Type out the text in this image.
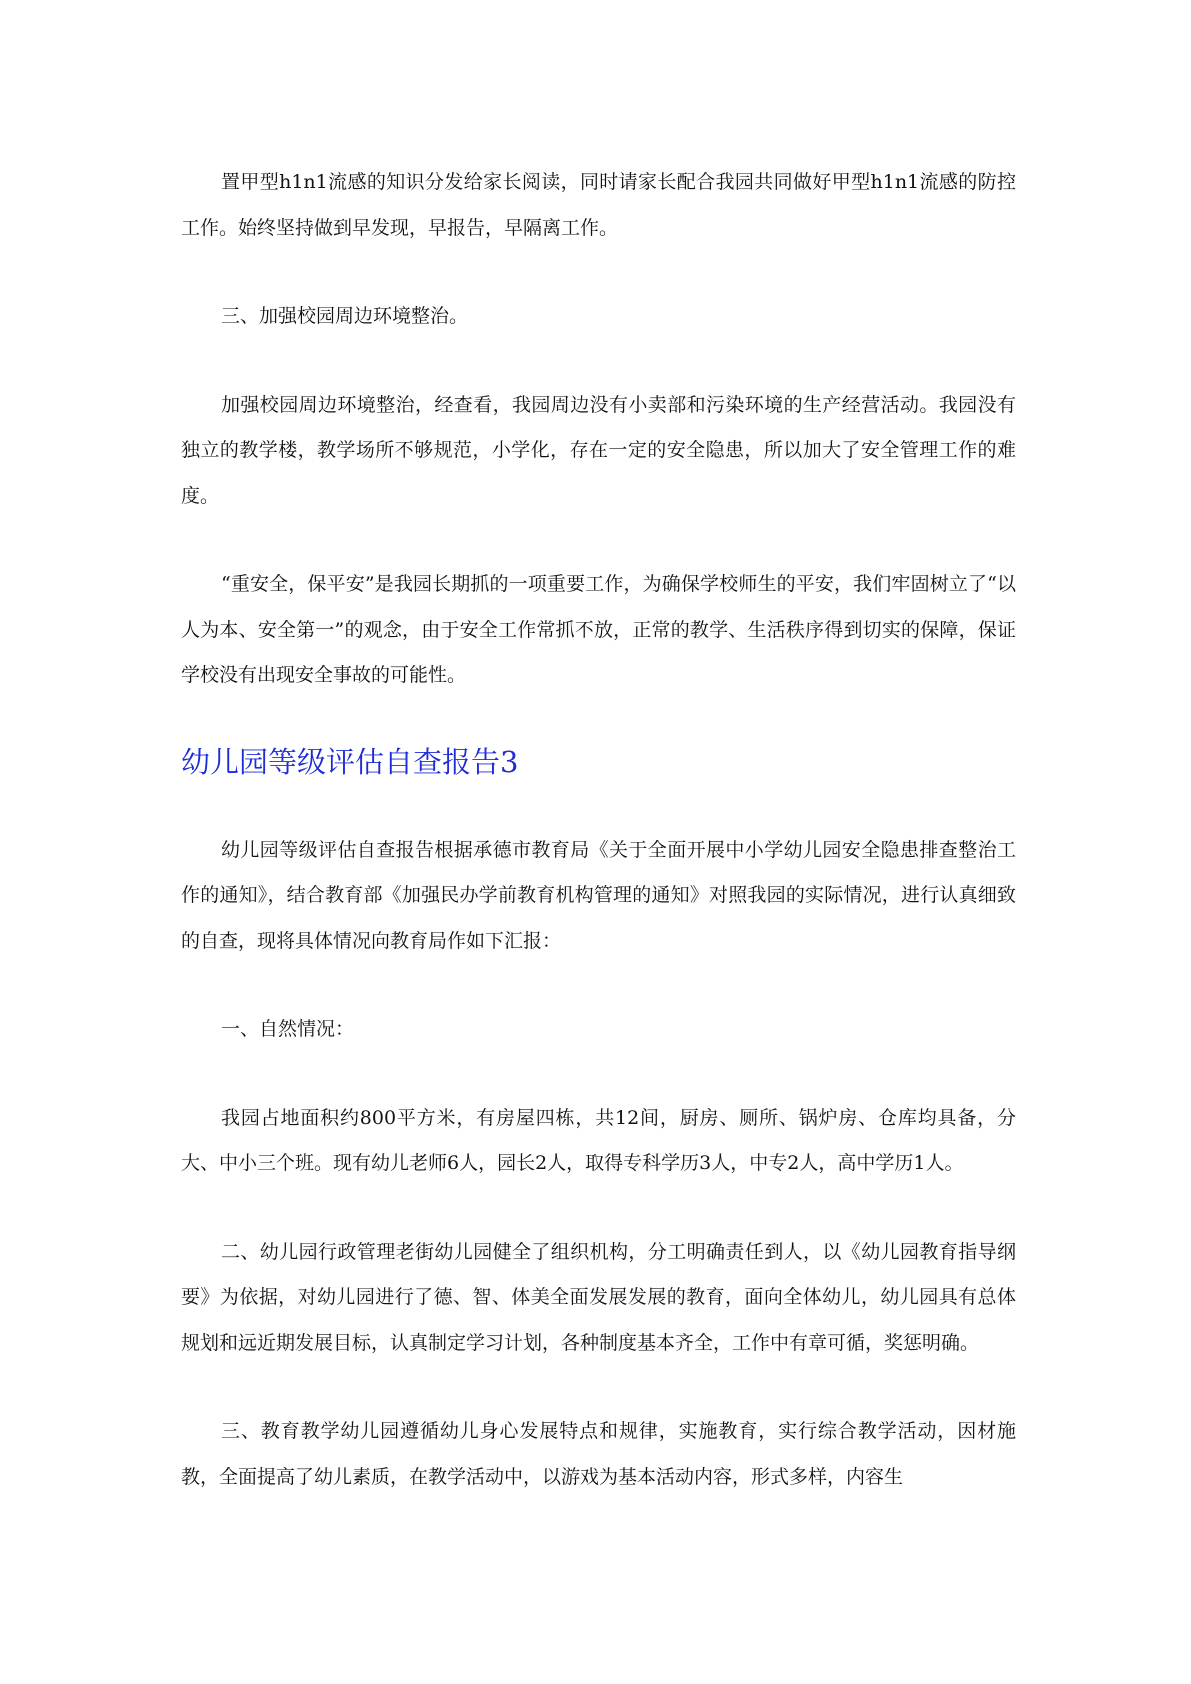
置甲型h1n1流感的知识分发给家长阅读，同时请家长配合我园共同做好甲型h1n1流感的防控工作。始终坚持做到早发现，早报告，早隔离工作。

三、加强校园周边环境整治。

加强校园周边环境整治，经查看，我园周边没有小卖部和污染环境的生产经营活动。我园没有独立的教学楼，教学场所不够规范，小学化，存在一定的安全隐患，所以加大了安全管理工作的难度。

“重安全，保平安”是我园长期抓的一项重要工作，为确保学校师生的平安，我们牢固树立了“以人为本、安全第一”的观念，由于安全工作常抓不放，正常的教学、生活秩序得到切实的保障，保证学校没有出现安全事故的可能性。

幼儿园等级评估自查报告3

幼儿园等级评估自查报告根据承德市教育局《关于全面开展中小学幼儿园安全隐患排查整治工作的通知》，结合教育部《加强民办学前教育机构管理的通知》对照我园的实际情况，进行认真细致的自查，现将具体情况向教育局作如下汇报：

一、自然情况：

我园占地面积约800平方米，有房屋四栋，共12间，厨房、厕所、锅炉房、仓库均具备，分大、中小三个班。现有幼儿老师6人，园长2人，取得专科学历3人，中专2人，高中学历1人。

二、幼儿园行政管理老街幼儿园健全了组织机构，分工明确责任到人，以《幼儿园教育指导纲要》为依据，对幼儿园进行了德、智、体美全面发展发展的教育，面向全体幼儿，幼儿园具有总体规划和远近期发展目标，认真制定学习计划，各种制度基本齐全，工作中有章可循，奖惩明确。

三、教育教学幼儿园遵循幼儿身心发展特点和规律，实施教育，实行综合教学活动，因材施教，全面提高了幼儿素质，在教学活动中，以游戏为基本活动内容，形式多样，内容生
